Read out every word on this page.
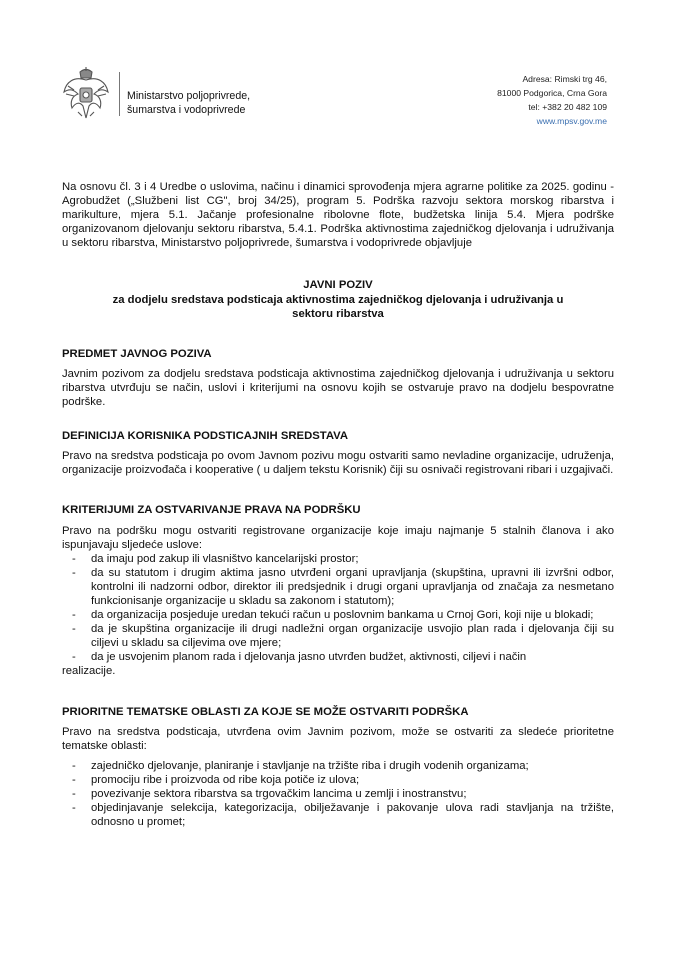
Ministarstvo poljoprivrede,
šumarstva i vodoprivrede
Adresa: Rimski trg 46,
81000 Podgorica, Crna Gora
tel: +382 20 482 109
www.mpsv.gov.me

Na osnovu čl. 3 i 4 Uredbe o uslovima, načinu i dinamici sprovođenja mjera agrarne politike za 2025. godinu - Agrobudžet („Službeni list CG", broj 34/25), program 5. Podrška razvoju sektora morskog ribarstva i marikulture, mjera 5.1. Jačanje profesionalne ribolovne flote, budžetska linija 5.4. Mjera podrške organizovanom djelovanju sektoru ribarstva, 5.4.1. Podrška aktivnostima zajedničkog djelovanja i udruživanja u sektoru ribarstva, Ministarstvo poljoprivrede, šumarstva i vodoprivrede objavljuje

JAVNI POZIV
za dodjelu sredstava podsticaja aktivnostima zajedničkog djelovanja i udruživanja u
sektoru ribarstva
PREDMET JAVNOG POZIVA

Javnim pozivom za dodjelu sredstava podsticaja aktivnostima zajedničkog djelovanja i udruživanja u sektoru ribarstva utvrđuju se način, uslovi i kriterijumi na osnovu kojih se ostvaruje pravo na dodjelu bespovratne podrške.

DEFINICIJA KORISNIKA PODSTICAJNIH SREDSTAVA

Pravo na sredstva podsticaja po ovom Javnom pozivu mogu ostvariti samo nevladine organizacije, udruženja, organizacije proizvođača i kooperative ( u daljem tekstu Korisnik) čiji su osnivači registrovani ribari i uzgajivači.

KRITERIJUMI ZA OSTVARIVANJE PRAVA NA PODRŠKU

Pravo na podršku mogu ostvariti registrovane organizacije koje imaju najmanje 5 stalnih članova i ako ispunjavaju sljedeće uslove:

- da imaju pod zakup ili vlasništvo kancelarijski prostor;
- da su statutom i drugim aktima jasno utvrđeni organi upravljanja (skupština, upravni ili izvršni odbor, kontrolni ili nadzorni odbor, direktor ili predsjednik i drugi organi upravljanja od značaja za nesmetano funkcionisanje organizacije u skladu sa zakonom i statutom);
- da organizacija posjeduje uredan tekući račun u poslovnim bankama u Crnoj Gori, koji nije u blokadi;
- da je skupština organizacije ili drugi nadležni organ organizacije usvojio plan rada i djelovanja čiji su ciljevi u skladu sa ciljevima ove mjere;
- da je usvojenim planom rada i djelovanja jasno utvrđen budžet, aktivnosti, ciljevi i način

realizacije.

PRIORITNE TEMATSKE OBLASTI ZA KOJE SE MOŽE OSTVARITI PODRŠKA

Pravo na sredstva podsticaja, utvrđena ovim Javnim pozivom, može se ostvariti za sledeće prioritetne tematske oblasti:

- zajedničko djelovanje, planiranje i stavljanje na tržište riba i drugih vodenih organizama;
- promociju ribe i proizvoda od ribe koja potiče iz ulova;
- povezivanje sektora ribarstva sa trgovačkim lancima u zemlji i inostranstvu;
- objedinjavanje selekcija, kategorizacija, obilježavanje i pakovanje ulova radi stavljanja na tržište, odnosno u promet;
